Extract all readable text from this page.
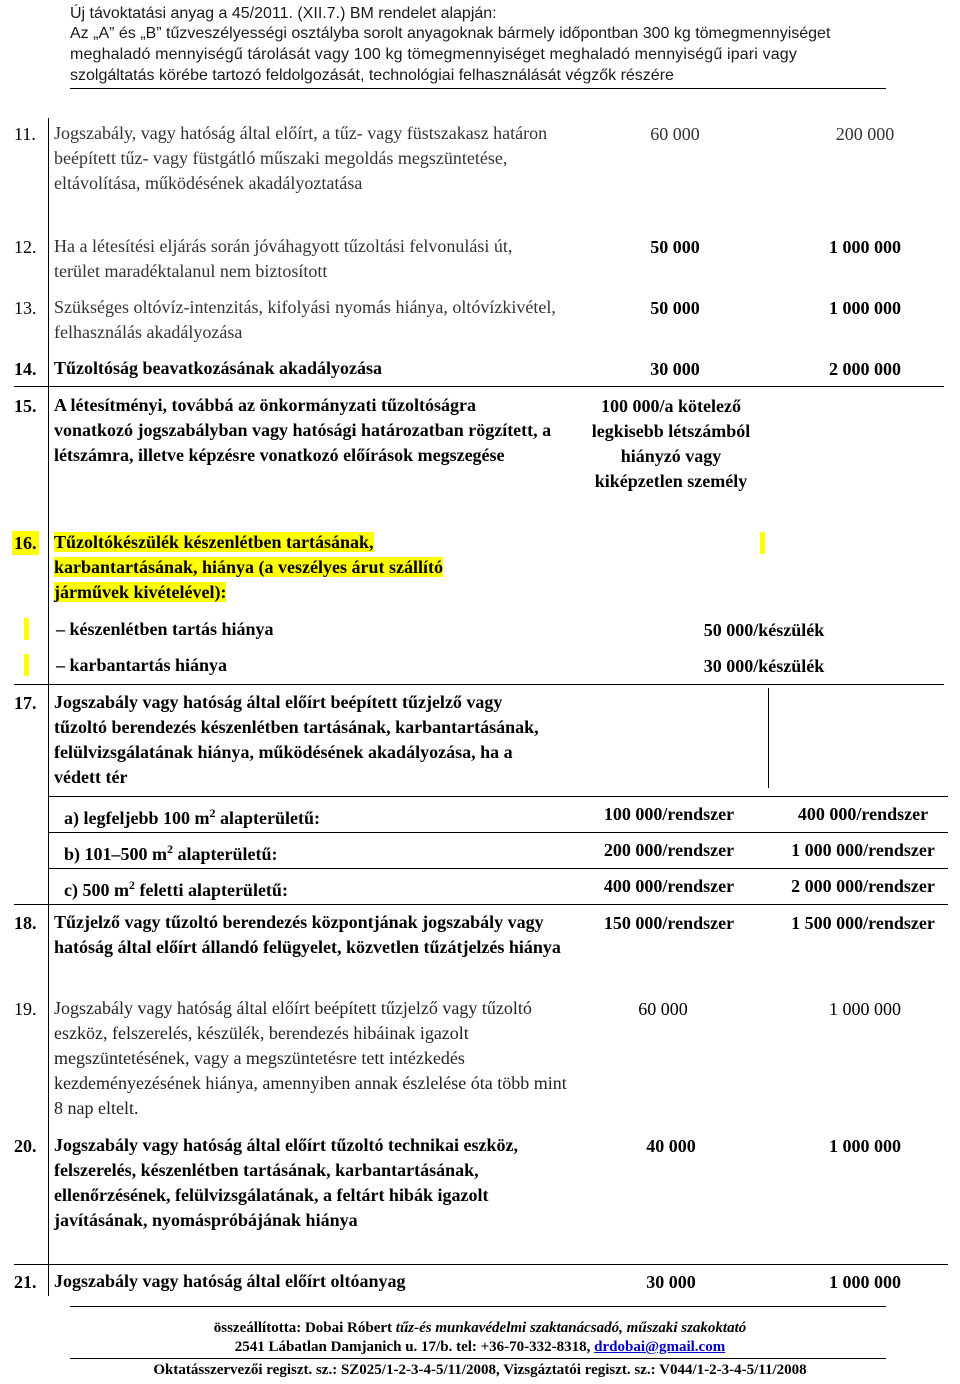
Új távoktatási anyag a 45/2011. (XII.7.) BM rendelet alapján:
Az „A” és „B” tűzveszélyességi osztályba sorolt anyagoknak bármely időpontban 300 kg tömegmennyiséget
meghaladó mennyiségű tárolását vagy 100 kg tömegmennyiséget meghaladó mennyiségű ipari vagy
szolgáltatás körébe tartozó feldolgozását, technológiai felhasználását végzők részére
11. Jogszabály, vagy hatóság által előírt, a tűz- vagy füstszakasz határon beépített tűz- vagy füstgátló műszaki megoldás megszüntetése, eltávolítása, működésének akadályoztatása
60 000	200 000
12. Ha a létesítési eljárás során jóváhagyott tűzoltási felvonulási út, terület maradéktalanul nem biztosított
50 000	1 000 000
13. Szükséges oltóvíz-intenzitás, kifolyási nyomás hiánya, oltóvízkivétel, felhasználás akadályozása
50 000	1 000 000
14. Tűzoltóság beavatkozásának akadályozása	30 000	2 000 000
15. A létesítményi, továbbá az önkormányzati tűzoltóságra vonatkozó jogszabályban vagy hatósági határozatban rögzített, a létszámra, illetve képzésre vonatkozó előírások megszegése
100 000/a kötelező legkisebb létszámból hiányzó vagy kiképzetlen személy
16. Tűzoltókészülék készenlétben tartásának,
karbantartásának, hiánya (a veszélyes árut szállító
járművek kivételével):
– készenlétben tartás hiánya	50 000/készülék
– karbantartás hiánya	30 000/készülék
17. Jogszabály vagy hatóság által előírt beépített tűzjelző vagy tűzoltó berendezés készenlétben tartásának, karbantartásának, felülvizsgálatának hiánya, működésének akadályozása, ha a védett tér
a) legfeljebb 100 $m^2$ alapterületű:	100 000/rendszer	400 000/rendszer
b) 101–500 $m^2$ alapterületű:	200 000/rendszer	1 000 000/rendszer
c) 500 $m^2$ feletti alapterületű:	400 000/rendszer	2 000 000/rendszer
18. Tűzjelző vagy tűzoltó berendezés központjának jogszabály vagy hatóság által előírt állandó felügyelet, közvetlen tűzátjelzés hiánya
150 000/rendszer	1 500 000/rendszer
19. Jogszabály vagy hatóság által előírt beépített tűzjelző vagy tűzoltó eszköz, felszerelés, készülék, berendezés hibáinak igazolt megszüntetésének, vagy a megszüntetésre tett intézkedés kezdeményezésének hiánya, amennyiben annak észlelése óta több mint 8 nap eltelt.
60 000	1 000 000
20. Jogszabály vagy hatóság által előírt tűzoltó technikai eszköz, felszerelés, készenlétben tartásának, karbantartásának, ellenőrzésének, felülvizsgálatának, a feltárt hibák igazolt javításának, nyomáspróbájának hiánya
40 000	1 000 000
21. Jogszabály vagy hatóság által előírt oltóanyag	30 000	1 000 000
összeállította: Dobai Róbert tűz-és munkavédelmi szaktanácsadó, műszaki szakoktató
2541 Lábatlan Damjanich u. 17/b. tel: +36-70-332-8318, drdobai@gmail.com
Oktatásszervezői regiszt. sz.: SZ025/1-2-3-4-5/11/2008, Vizsgáztatói regiszt. sz.: V044/1-2-3-4-5/11/2008
